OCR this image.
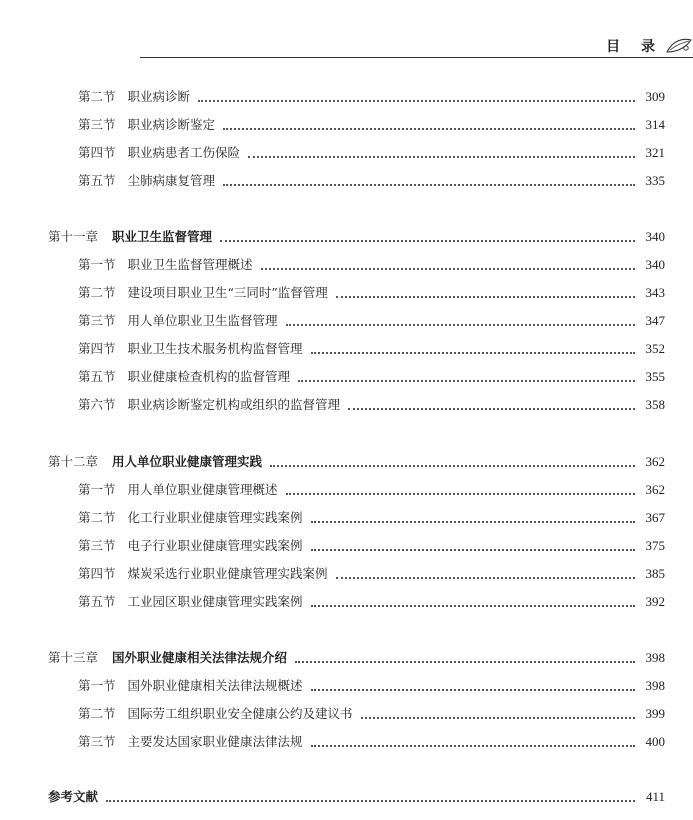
目 录
第二节 职业病诊断	309
第三节 职业病诊断鉴定	314
第四节 职业病患者工伤保险	321
第五节 尘肺病康复管理	335
第十一章 职业卫生监督管理	340
第一节 职业卫生监督管理概述	340
第二节 建设项目职业卫生“三同时”监督管理	343
第三节 用人单位职业卫生监督管理	347
第四节 职业卫生技术服务机构监督管理	352
第五节 职业健康检查机构的监督管理	355
第六节 职业病诊断鉴定机构或组织的监督管理	358
第十二章 用人单位职业健康管理实践	362
第一节 用人单位职业健康管理概述	362
第二节 化工行业职业健康管理实践案例	367
第三节 电子行业职业健康管理实践案例	375
第四节 煤炭采选行业职业健康管理实践案例	385
第五节 工业园区职业健康管理实践案例	392
第十三章 国外职业健康相关法律法规介绍	398
第一节 国外职业健康相关法律法规概述	398
第二节 国际劳工组织职业安全健康公约及建议书	399
第三节 主要发达国家职业健康法律法规	400
参考文献	411
